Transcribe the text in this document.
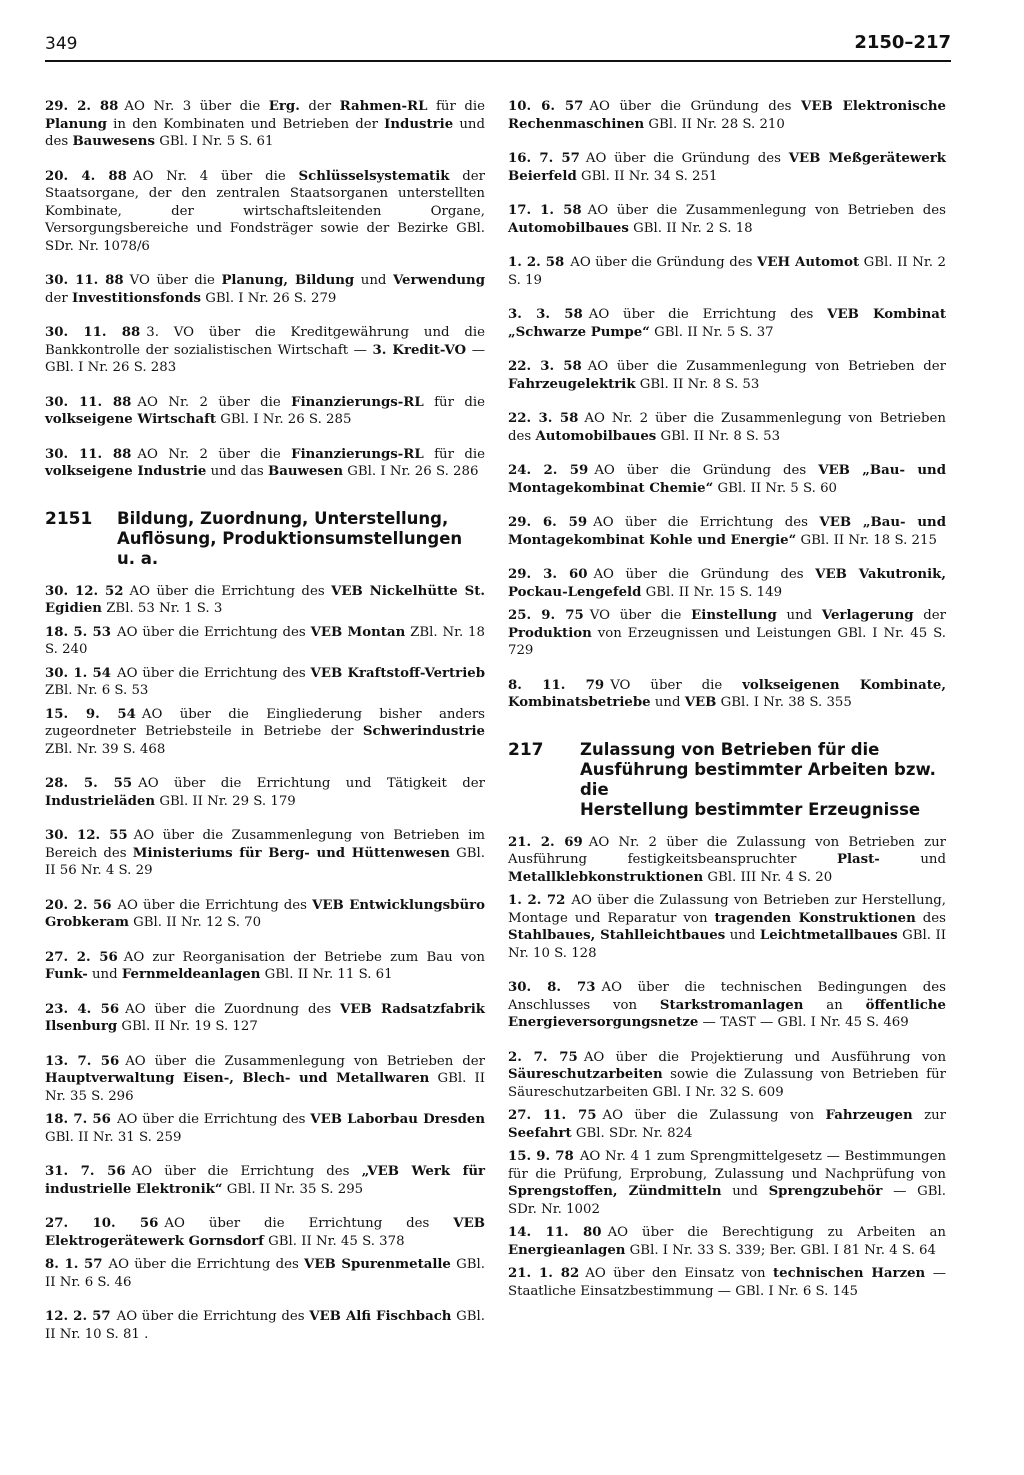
349	2150–217
29. 2. 88 AO Nr. 3 über die Erg. der Rahmen-RL für die Planung in den Kombinaten und Betrieben der Industrie und des Bauwesens GBl. I Nr. 5 S. 61
20. 4. 88 AO Nr. 4 über die Schlüsselsystematik der Staatsorgane, der den zentralen Staatsorganen unterstellten Kombinate, der wirtschaftsleitenden Organe, Versorgungsbereiche und Fondsträger sowie der Bezirke GBl. SDr. Nr. 1078/6
30. 11. 88 VO über die Planung, Bildung und Verwendung der Investitionsfonds GBl. I Nr. 26 S. 279
30. 11. 88 3. VO über die Kreditgewährung und die Bankkontrolle der sozialistischen Wirtschaft — 3. Kredit-VO — GBl. I Nr. 26 S. 283
30. 11. 88 AO Nr. 2 über die Finanzierungs-RL für die volkseigene Wirtschaft GBl. I Nr. 26 S. 285
30. 11. 88 AO Nr. 2 über die Finanzierungs-RL für die volkseigene Industrie und das Bauwesen GBl. I Nr. 26 S. 286
2151	Bildung, Zuordnung, Unterstellung,
Auflösung, Produktionsumstellungen u. a.
30. 12. 52 AO über die Errichtung des VEB Nickelhütte St. Egidien ZBl. 53 Nr. 1 S. 3
18. 5. 53 AO über die Errichtung des VEB Montan ZBl. Nr. 18 S. 240
30. 1. 54 AO über die Errichtung des VEB Kraftstoff-Vertrieb ZBl. Nr. 6 S. 53
15. 9. 54 AO über die Eingliederung bisher anders zugeordneter Betriebsteile in Betriebe der Schwerindustrie ZBl. Nr. 39 S. 468
28. 5. 55 AO über die Errichtung und Tätigkeit der Industrieläden GBl. II Nr. 29 S. 179
30. 12. 55 AO über die Zusammenlegung von Betrieben im Bereich des Ministeriums für Berg- und Hüttenwesen GBl. II 56 Nr. 4 S. 29
20. 2. 56 AO über die Errichtung des VEB Entwicklungsbüro Grobkeram GBl. II Nr. 12 S. 70
27. 2. 56 AO zur Reorganisation der Betriebe zum Bau von Funk- und Fernmeldeanlagen GBl. II Nr. 11 S. 61
23. 4. 56 AO über die Zuordnung des VEB Radsatzfabrik Ilsenburg GBl. II Nr. 19 S. 127
13. 7. 56 AO über die Zusammenlegung von Betrieben der Hauptverwaltung Eisen-, Blech- und Metallwaren GBl. II Nr. 35 S. 296
18. 7. 56 AO über die Errichtung des VEB Laborbau Dresden GBl. II Nr. 31 S. 259
31. 7. 56 AO über die Errichtung des „VEB Werk für industrielle Elektronik“ GBl. II Nr. 35 S. 295
27. 10. 56 AO über die Errichtung des VEB Elektrogerätewerk Gornsdorf GBl. II Nr. 45 S. 378
8. 1. 57 AO über die Errichtung des VEB Spurenmetalle GBl. II Nr. 6 S. 46
12. 2. 57 AO über die Errichtung des VEB Alfi Fischbach GBl. II Nr. 10 S. 81 .
10. 6. 57 AO über die Gründung des VEB Elektronische Rechenmaschinen GBl. II Nr. 28 S. 210
16. 7. 57 AO über die Gründung des VEB Meßgerätewerk Beierfeld GBl. II Nr. 34 S. 251
17. 1. 58 AO über die Zusammenlegung von Betrieben des Automobilbaues GBl. II Nr. 2 S. 18
1. 2. 58 AO über die Gründung des VEH Automot GBl. II Nr. 2 S. 19
3. 3. 58 AO über die Errichtung des VEB Kombinat „Schwarze Pumpe“ GBl. II Nr. 5 S. 37
22. 3. 58 AO über die Zusammenlegung von Betrieben der Fahrzeugelektrik GBl. II Nr. 8 S. 53
22. 3. 58 AO Nr. 2 über die Zusammenlegung von Betrieben des Automobilbaues GBl. II Nr. 8 S. 53
24. 2. 59 AO über die Gründung des VEB „Bau- und Montagekombinat Chemie“ GBl. II Nr. 5 S. 60
29. 6. 59 AO über die Errichtung des VEB „Bau- und Montagekombinat Kohle und Energie“ GBl. II Nr. 18 S. 215
29. 3. 60 AO über die Gründung des VEB Vakutronik, Pockau-Lengefeld GBl. II Nr. 15 S. 149
25. 9. 75 VO über die Einstellung und Verlagerung der Produktion von Erzeugnissen und Leistungen GBl. I Nr. 45 S. 729
8. 11. 79 VO über die volkseigenen Kombinate, Kombinatsbetriebe und VEB GBl. I Nr. 38 S. 355
217	Zulassung von Betrieben für die
Ausführung bestimmter Arbeiten bzw. die
Herstellung bestimmter Erzeugnisse
21. 2. 69 AO Nr. 2 über die Zulassung von Betrieben zur Ausführung festigkeitsbeanspruchter Plast- und Metallklebkonstruktionen GBl. III Nr. 4 S. 20
1. 2. 72 AO über die Zulassung von Betrieben zur Herstellung, Montage und Reparatur von tragenden Konstruktionen des Stahlbaues, Stahlleichtbaues und Leichtmetallbaues GBl. II Nr. 10 S. 128
30. 8. 73 AO über die technischen Bedingungen des Anschlusses von Starkstromanlagen an öffentliche Energieversorgungsnetze — TAST — GBl. I Nr. 45 S. 469
2. 7. 75 AO über die Projektierung und Ausführung von Säureschutzarbeiten sowie die Zulassung von Betrieben für Säureschutzarbeiten GBl. I Nr. 32 S. 609
27. 11. 75 AO über die Zulassung von Fahrzeugen zur Seefahrt GBl. SDr. Nr. 824
15. 9. 78 AO Nr. 4 1 zum Sprengmittelgesetz — Bestimmungen für die Prüfung, Erprobung, Zulassung und Nachprüfung von Sprengstoffen, Zündmitteln und Sprengzubehör — GBl. SDr. Nr. 1002
14. 11. 80 AO über die Berechtigung zu Arbeiten an Energieanlagen GBl. I Nr. 33 S. 339; Ber. GBl. I 81 Nr. 4 S. 64
21. 1. 82 AO über den Einsatz von technischen Harzen — Staatliche Einsatzbestimmung — GBl. I Nr. 6 S. 145
